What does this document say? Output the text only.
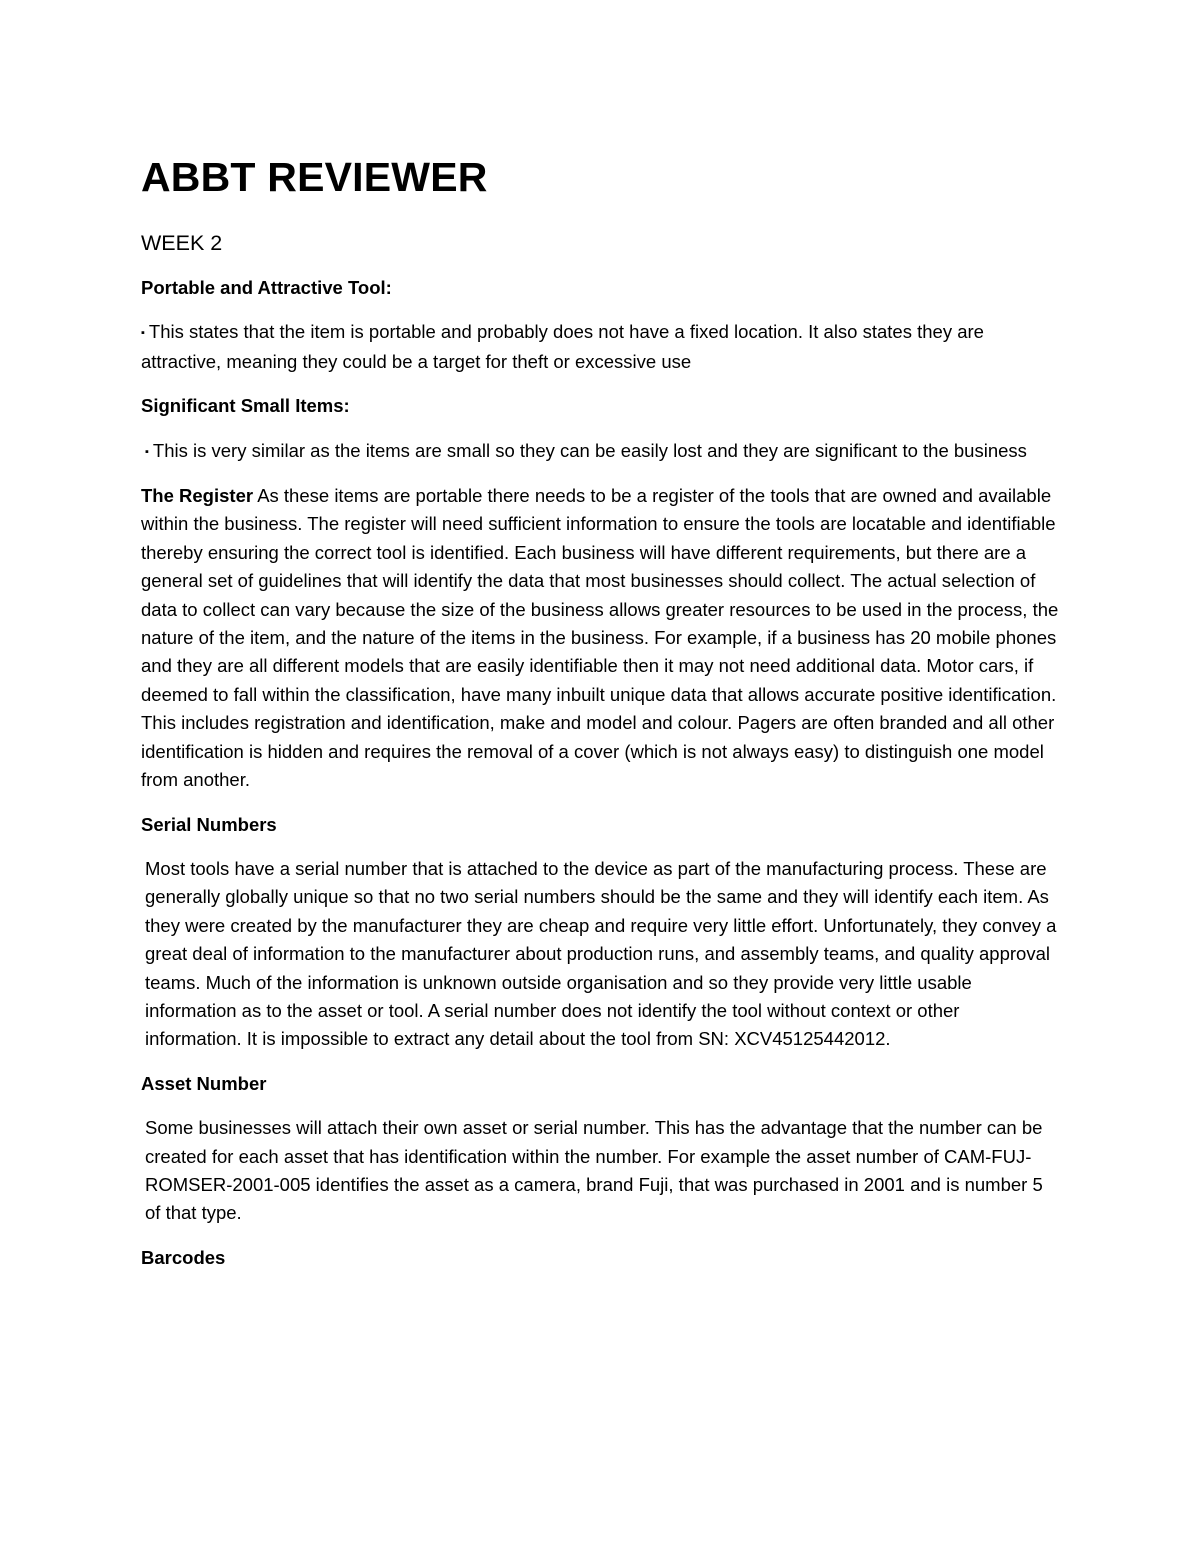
ABBT REVIEWER
WEEK 2
Portable and Attractive Tool:
▪ This states that the item is portable and probably does not have a fixed location. It also states they are attractive, meaning they could be a target for theft or excessive use
Significant Small Items:
▪ This is very similar as the items are small so they can be easily lost and they are significant to the business
The Register As these items are portable there needs to be a register of the tools that are owned and available within the business. The register will need sufficient information to ensure the tools are locatable and identifiable thereby ensuring the correct tool is identified. Each business will have different requirements, but there are a general set of guidelines that will identify the data that most businesses should collect. The actual selection of data to collect can vary because the size of the business allows greater resources to be used in the process, the nature of the item, and the nature of the items in the business. For example, if a business has 20 mobile phones and they are all different models that are easily identifiable then it may not need additional data. Motor cars, if deemed to fall within the classification, have many inbuilt unique data that allows accurate positive identification. This includes registration and identification, make and model and colour. Pagers are often branded and all other identification is hidden and requires the removal of a cover (which is not always easy) to distinguish one model from another.
Serial Numbers
Most tools have a serial number that is attached to the device as part of the manufacturing process. These are generally globally unique so that no two serial numbers should be the same and they will identify each item. As they were created by the manufacturer they are cheap and require very little effort. Unfortunately, they convey a great deal of information to the manufacturer about production runs, and assembly teams, and quality approval teams. Much of the information is unknown outside organisation and so they provide very little usable information as to the asset or tool. A serial number does not identify the tool without context or other information. It is impossible to extract any detail about the tool from SN: XCV45125442012.
Asset Number
Some businesses will attach their own asset or serial number. This has the advantage that the number can be created for each asset that has identification within the number. For example the asset number of CAM-FUJ-ROMSER-2001-005 identifies the asset as a camera, brand Fuji, that was purchased in 2001 and is number 5 of that type.
Barcodes
